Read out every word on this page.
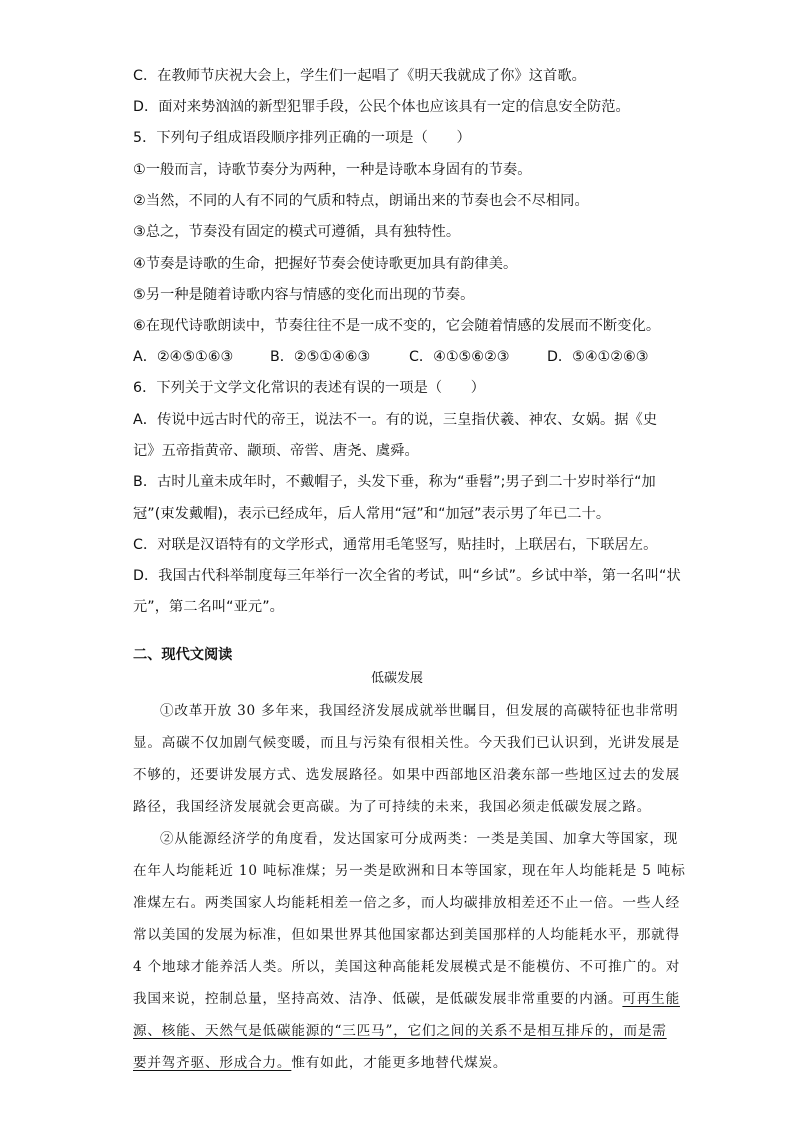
C．在教师节庆祝大会上，学生们一起唱了《明天我就成了你》这首歌。
D．面对来势汹汹的新型犯罪手段，公民个体也应该具有一定的信息安全防范。
5．下列句子组成语段顺序排列正确的一项是（　　）
①一般而言，诗歌节奏分为两种，一种是诗歌本身固有的节奏。
②当然，不同的人有不同的气质和特点，朗诵出来的节奏也会不尽相同。
③总之，节奏没有固定的模式可遵循，具有独特性。
④节奏是诗歌的生命，把握好节奏会使诗歌更加具有韵律美。
⑤另一种是随着诗歌内容与情感的变化而出现的节奏。
⑥在现代诗歌朗读中，节奏往往不是一成不变的，它会随着情感的发展而不断变化。
A．②④⑤①⑥③	B．②⑤①④⑥③	C．④①⑤⑥②③	D．⑤④①②⑥③
6．下列关于文学文化常识的表述有误的一项是（　　）
A．传说中远古时代的帝王，说法不一。有的说，三皇指伏羲、神农、女娲。据《史
记》五帝指黄帝、颛顼、帝喾、唐尧、虞舜。
B．古时儿童未成年时，不戴帽子，头发下垂，称为“垂髫”;男子到二十岁时举行“加
冠”(束发戴帽)，表示已经成年，后人常用“冠”和“加冠”表示男了年已二十。
C．对联是汉语特有的文学形式，通常用毛笔竖写，贴挂时，上联居右，下联居左。
D．我国古代科举制度每三年举行一次全省的考试，叫“乡试”。乡试中举，第一名叫“状
元”，第二名叫“亚元”。
二、现代文阅读
低碳发展
①改革开放 30 多年来，我国经济发展成就举世瞩目，但发展的高碳特征也非常明
显。高碳不仅加剧气候变暖，而且与污染有很相关性。今天我们已认识到，光讲发展是
不够的，还要讲发展方式、选发展路径。如果中西部地区沿袭东部一些地区过去的发展
路径，我国经济发展就会更高碳。为了可持续的未来，我国必须走低碳发展之路。
②从能源经济学的角度看，发达国家可分成两类：一类是美国、加拿大等国家，现
在年人均能耗近 10 吨标准煤；另一类是欧洲和日本等国家，现在年人均能耗是 5 吨标
准煤左右。两类国家人均能耗相差一倍之多，而人均碳排放相差还不止一倍。一些人经
常以美国的发展为标准，但如果世界其他国家都达到美国那样的人均能耗水平，那就得
4 个地球才能养活人类。所以，美国这种高能耗发展模式是不能模仿、不可推广的。对
我国来说，控制总量，坚持高效、洁净、低碳，是低碳发展非常重要的内涵。可再生能
源、核能、天然气是低碳能源的“三匹马”，它们之间的关系不是相互排斥的，而是需
要并驾齐驱、形成合力。惟有如此，才能更多地替代煤炭。
